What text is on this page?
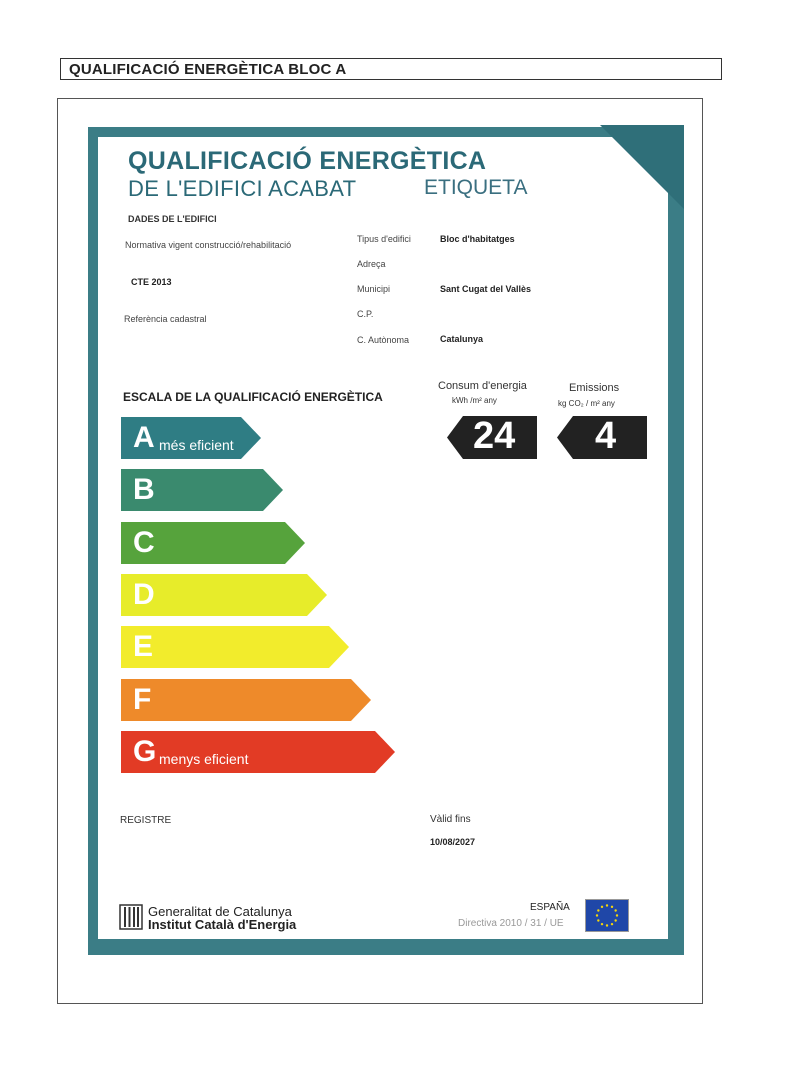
QUALIFICACIÓ ENERGÈTICA BLOC A
QUALIFICACIÓ ENERGÈTICA
DE L'EDIFICI ACABAT	ETIQUETA
DADES DE L'EDIFICI
Normativa vigent construcció/rehabilitació
CTE 2013
Referència cadastral
Tipus d'edifici	Bloc d'habitatges
Adreça
Municipi	Sant Cugat del Vallès
C.P.
C. Autònoma	Catalunya
ESCALA DE LA QUALIFICACIÓ ENERGÈTICA
A més eficient
B
C
D
E
F
G menys eficient
Consum d'energia
kWh /m² any
Emissions
kg CO₂ / m² any
24 4
REGISTRE	Vàlid fins
10/08/2027
Generalitat de Catalunya
Institut Català d'Energia
ESPAÑA
Directiva 2010 / 31 / UE
